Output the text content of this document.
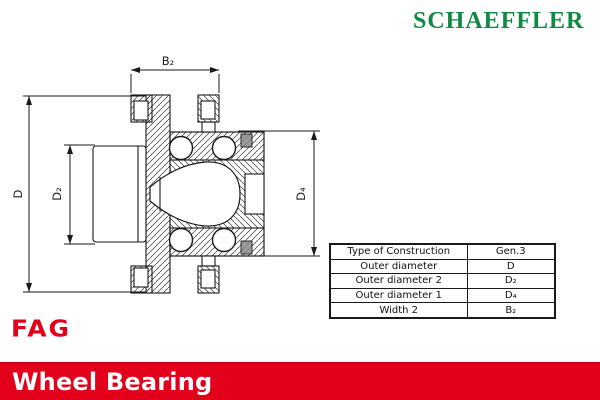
SCHAEFFLER
B₂
D D₂	D₄
Type of Construction	Gen.3
Outer diameter	D
Outer diameter 2	D₂
Outer diameter 1	D₄
Width 2	B₂
FAG
Wheel Bearing
